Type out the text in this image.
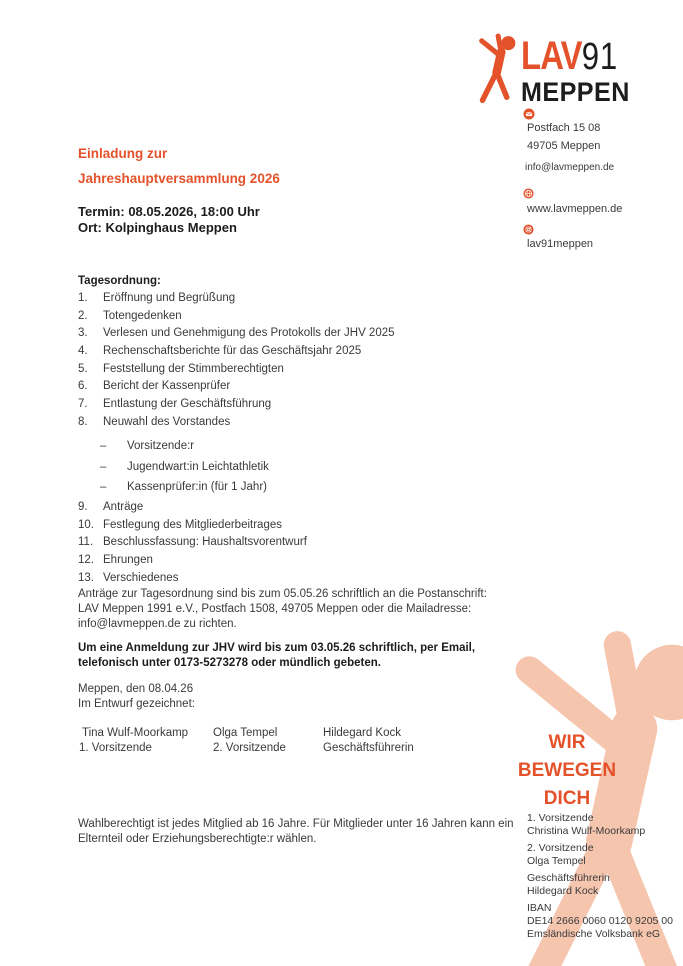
LAV91
MEPPEN
Postfach 15 08
49705 Meppen
info@lavmeppen.de
www.lavmeppen.de
lav91meppen
Einladung zur
Jahreshauptversammlung 2026
Termin: 08.05.2026, 18:00 Uhr
Ort: Kolpinghaus Meppen
Tagesordnung:
1. Eröffnung und Begrüßung
2. Totengedenken
3. Verlesen und Genehmigung des Protokolls der JHV 2025
4. Rechenschaftsberichte für das Geschäftsjahr 2025
5. Feststellung der Stimmberechtigten
6. Bericht der Kassenprüfer
7. Entlastung der Geschäftsführung
8. Neuwahl des Vorstandes
– Vorsitzende:r
– Jugendwart:in Leichtathletik
– Kassenprüfer:in (für 1 Jahr)
9. Anträge
10. Festlegung des Mitgliederbeitrages
11. Beschlussfassung: Haushaltsvorentwurf
12. Ehrungen
13. Verschiedenes
Anträge zur Tagesordnung sind bis zum 05.05.26 schriftlich an die Postanschrift:
LAV Meppen 1991 e.V., Postfach 1508, 49705 Meppen oder die Mailadresse:
info@lavmeppen.de zu richten.
Um eine Anmeldung zur JHV wird bis zum 03.05.26 schriftlich, per Email,
telefonisch unter 0173-5273278 oder mündlich gebeten.
Meppen, den 08.04.26
Im Entwurf gezeichnet:
Tina Wulf-Moorkamp
1. Vorsitzende
Olga Tempel
2. Vorsitzende
Hildegard Kock
Geschäftsführerin
Wahlberechtigt ist jedes Mitglied ab 16 Jahre. Für Mitglieder unter 16 Jahren kann ein
Elternteil oder Erziehungsberechtigte:r wählen.
WIR
BEWEGEN
DICH
1. Vorsitzende
Christina Wulf-Moorkamp
2. Vorsitzende
Olga Tempel
Geschäftsführerin
Hildegard Kock
IBAN
DE14 2666 0060 0120 9205 00
Emsländische Volksbank eG
